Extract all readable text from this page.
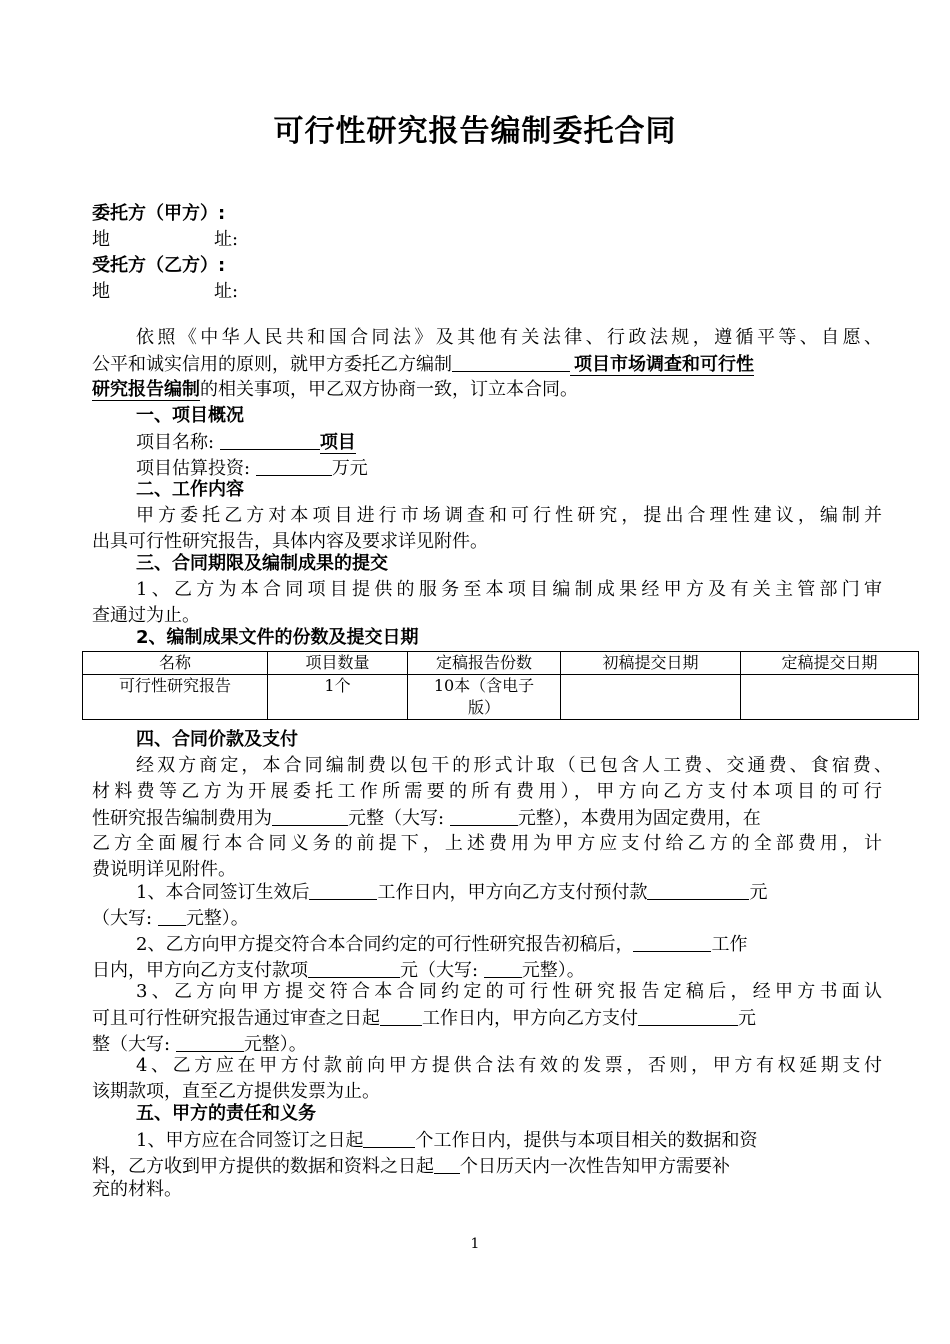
可行性研究报告编制委托合同
委托方（甲方）:
地	址:
受托方（乙方）:
地	址:
依照《中华人民共和国合同法》及其他有关法律、行政法规，遵循平等、自愿、
公平和诚实信用的原则，就甲方委托乙方编制	项目市场调查和可行性
研究报告编制的相关事项，甲乙双方协商一致，订立本合同。
一、项目概况
项目名称:	项目
项目估算投资:	万元
二、工作内容
甲方委托乙方对本项目进行市场调查和可行性研究，提出合理性建议，编制并
出具可行性研究报告，具体内容及要求详见附件。
三、合同期限及编制成果的提交
1、乙方为本合同项目提供的服务至本项目编制成果经甲方及有关主管部门审
查通过为止。
2、编制成果文件的份数及提交日期
名称	项目数量	定稿报告份数	初稿提交日期	定稿提交日期
可行性研究报告	1个	10本（含电子
版）		
四、合同价款及支付
经双方商定，本合同编制费以包干的形式计取（已包含人工费、交通费、食宿费、
材料费等乙方为开展委托工作所需要的所有费用），甲方向乙方支付本项目的可行
性研究报告编制费用为	元整（大写:	元整），本费用为固定费用，在
乙方全面履行本合同义务的前提下，上述费用为甲方应支付给乙方的全部费用，计
费说明详见附件。
1、本合同签订生效后	工作日内，甲方向乙方支付预付款	元
（大写: 元整）。
2、乙方向甲方提交符合本合同约定的可行性研究报告初稿后，	工作
日内，甲方向乙方支付款项	元（大写: 元整）。
3、乙方向甲方提交符合本合同约定的可行性研究报告定稿后，经甲方书面认
可且可行性研究报告通过审查之日起 工作日内，甲方向乙方支付	元
整（大写:	元整）。
4、乙方应在甲方付款前向甲方提供合法有效的发票，否则，甲方有权延期支付
该期款项，直至乙方提供发票为止。
五、甲方的责任和义务
1、甲方应在合同签订之日起	个工作日内，提供与本项目相关的数据和资
料，乙方收到甲方提供的数据和资料之日起 个日历天内一次性告知甲方需要补
充的材料。
1
